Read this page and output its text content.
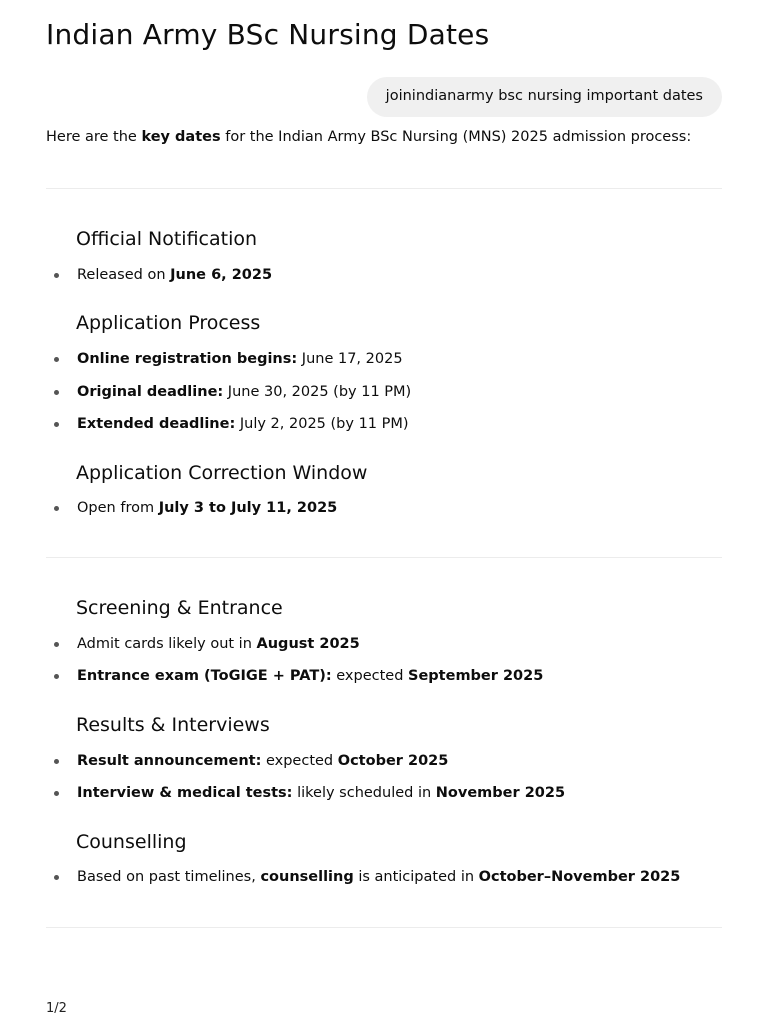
Indian Army BSc Nursing Dates
joinindianarmy bsc nursing important dates

Here are the key dates for the Indian Army BSc Nursing (MNS) 2025 admission process:

Official Notification
Released on June 6, 2025
Application Process
Online registration begins: June 17, 2025
Original deadline: June 30, 2025 (by 11 PM)
Extended deadline: July 2, 2025 (by 11 PM)
Application Correction Window
Open from July 3 to July 11, 2025
Screening & Entrance
Admit cards likely out in August 2025
Entrance exam (ToGIGE + PAT): expected September 2025
Results & Interviews
Result announcement: expected October 2025
Interview & medical tests: likely scheduled in November 2025
Counselling
Based on past timelines, counselling is anticipated in October–November 2025
1/2
